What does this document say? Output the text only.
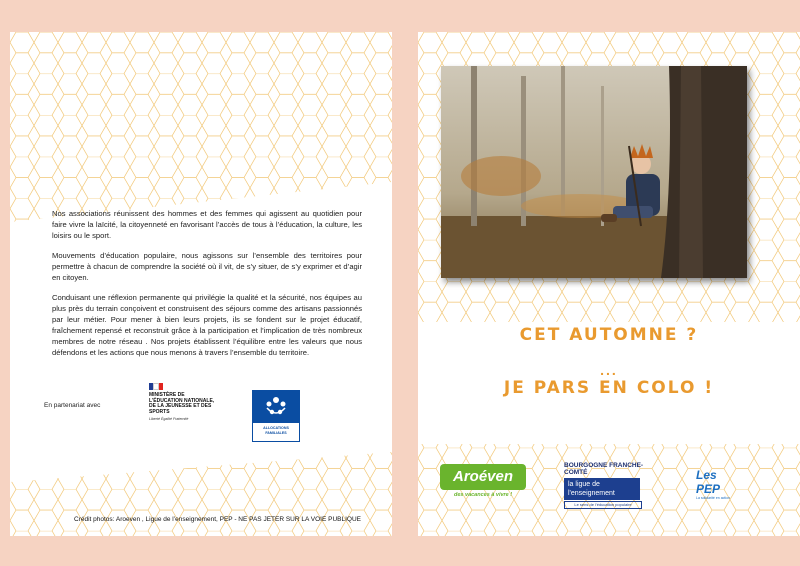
Nos associations réunissent des hommes et des femmes qui agissent au quotidien pour faire vivre la laïcité, la citoyenneté en favorisant l’accès de tous à l’éducation, la culture, les loisirs ou le sport.

Mouvements d’éducation populaire, nous agissons sur l’ensemble des territoires pour permettre à chacun de comprendre la société où il vit, de s’y situer, de s’y exprimer et d’agir en citoyen.

Conduisant une réflexion permanente qui privilégie la qualité et la sécurité, nos équipes au plus près du terrain conçoivent et construisent des séjours comme des artisans passionnés par leur métier. Pour mener à bien leurs projets, ils se fondent sur le projet éducatif, fraîchement repensé et reconstruit grâce à la participation et l’implication de très nombreux membres de notre réseau . Nos projets établissent l’équilibre entre les valeurs que nous défendons et les actions que nous menons à travers l’ensemble du territoire.

En partenariat avec
MINISTÈRE DE L'ÉDUCATION NATIONALE, DE LA JEUNESSE ET DES SPORTS
Liberté Égalité Fraternité
ALLOCATIONS FAMILIALES
Crédit photos: Aroeven , Ligue de l’enseignement, PEP - NE PAS JETER SUR LA VOIE PUBLIQUE
CET AUTOMNE ?
...
JE PARS EN COLO !
Aroéven
des vacances à vivre !
BOURGOGNE FRANCHE-COMTÉ
la ligue de l'enseignement
Le sens de l'éducation populaire
Les PEP
La solidarité en action
